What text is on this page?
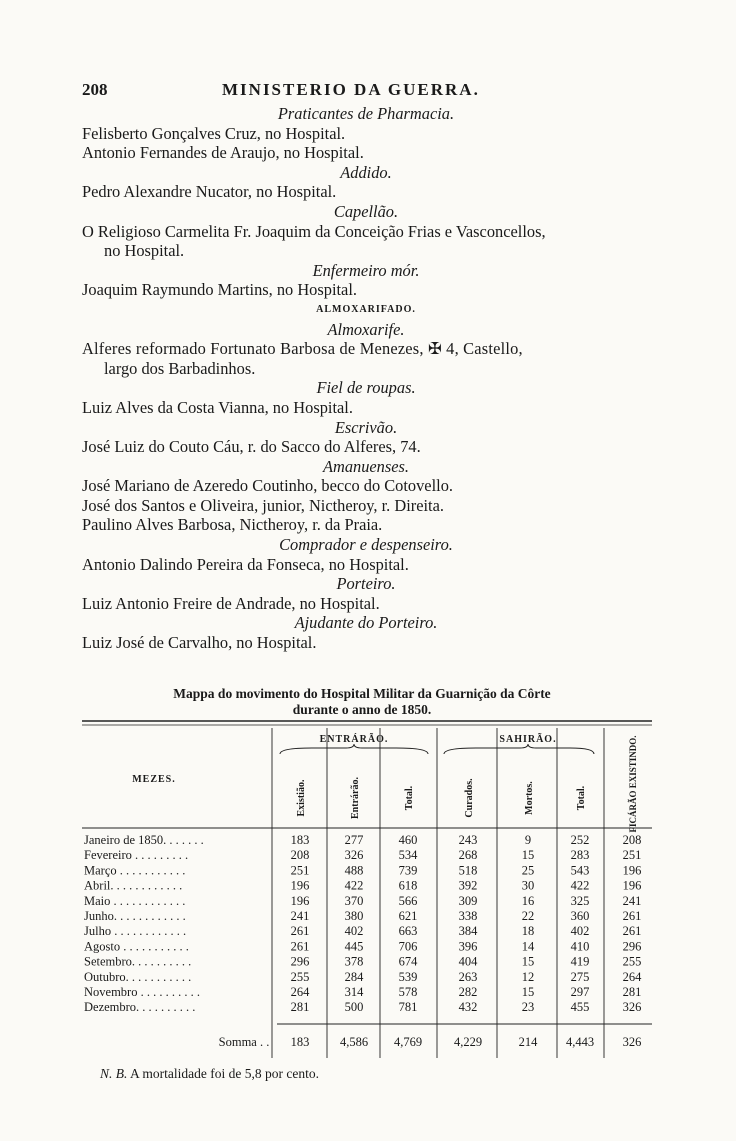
208	MINISTERIO DA GUERRA.
Praticantes de Pharmacia.
Felisberto Gonçalves Cruz, no Hospital.
Antonio Fernandes de Araujo, no Hospital.
Addido.
Pedro Alexandre Nucator, no Hospital.
Capellão.
O Religioso Carmelita Fr. Joaquim da Conceição Frias e Vasconcellos,
no Hospital.
Enfermeiro mór.
Joaquim Raymundo Martins, no Hospital.
ALMOXARIFADO.
Almoxarife.
Alferes reformado Fortunato Barbosa de Menezes, ✠ 4, Castello,
largo dos Barbadinhos.
Fiel de roupas.
Luiz Alves da Costa Vianna, no Hospital.
Escrivão.
José Luiz do Couto Cáu, r. do Sacco do Alferes, 74.
Amanuenses.
José Mariano de Azeredo Coutinho, becco do Cotovello.
José dos Santos e Oliveira, junior, Nictheroy, r. Direita.
Paulino Alves Barbosa, Nictheroy, r. da Praia.
Comprador e despenseiro.
Antonio Dalindo Pereira da Fonseca, no Hospital.
Porteiro.
Luiz Antonio Freire de Andrade, no Hospital.
Ajudante do Porteiro.
Luiz José de Carvalho, no Hospital.
Mappa do movimento do Hospital Militar da Guarnição da Côrte
durante o anno de 1850.
ENTRÁRÃO.	SAHIRÃO.
MEZES.
Existião.	Entrárão.	Total.	Curados.	Mortos.	Total.	FICÁRÃO EXISTINDO.
Janeiro de 1850. . . . . . .	183	277	460	243	9	252	208
Fevereiro . . . . . . . . .	208	326	534	268	15	283	251
Março . . . . . . . . . . .	251	488	739	518	25	543	196
Abril. . . . . . . . . . . .	196	422	618	392	30	422	196
Maio . . . . . . . . . . . .	196	370	566	309	16	325	241
Junho. . . . . . . . . . . .	241	380	621	338	22	360	261
Julho . . . . . . . . . . . .	261	402	663	384	18	402	261
Agosto . . . . . . . . . . .	261	445	706	396	14	410	296
Setembro. . . . . . . . . .	296	378	674	404	15	419	255
Outubro. . . . . . . . . . .	255	284	539	263	12	275	264
Novembro . . . . . . . . . .	264	314	578	282	15	297	281
Dezembro. . . . . . . . . .	281	500	781	432	23	455	326
Somma . . 183 4,586 4,769	4,229	214 4,443 326
N. B. A mortalidade foi de 5,8 por cento.
